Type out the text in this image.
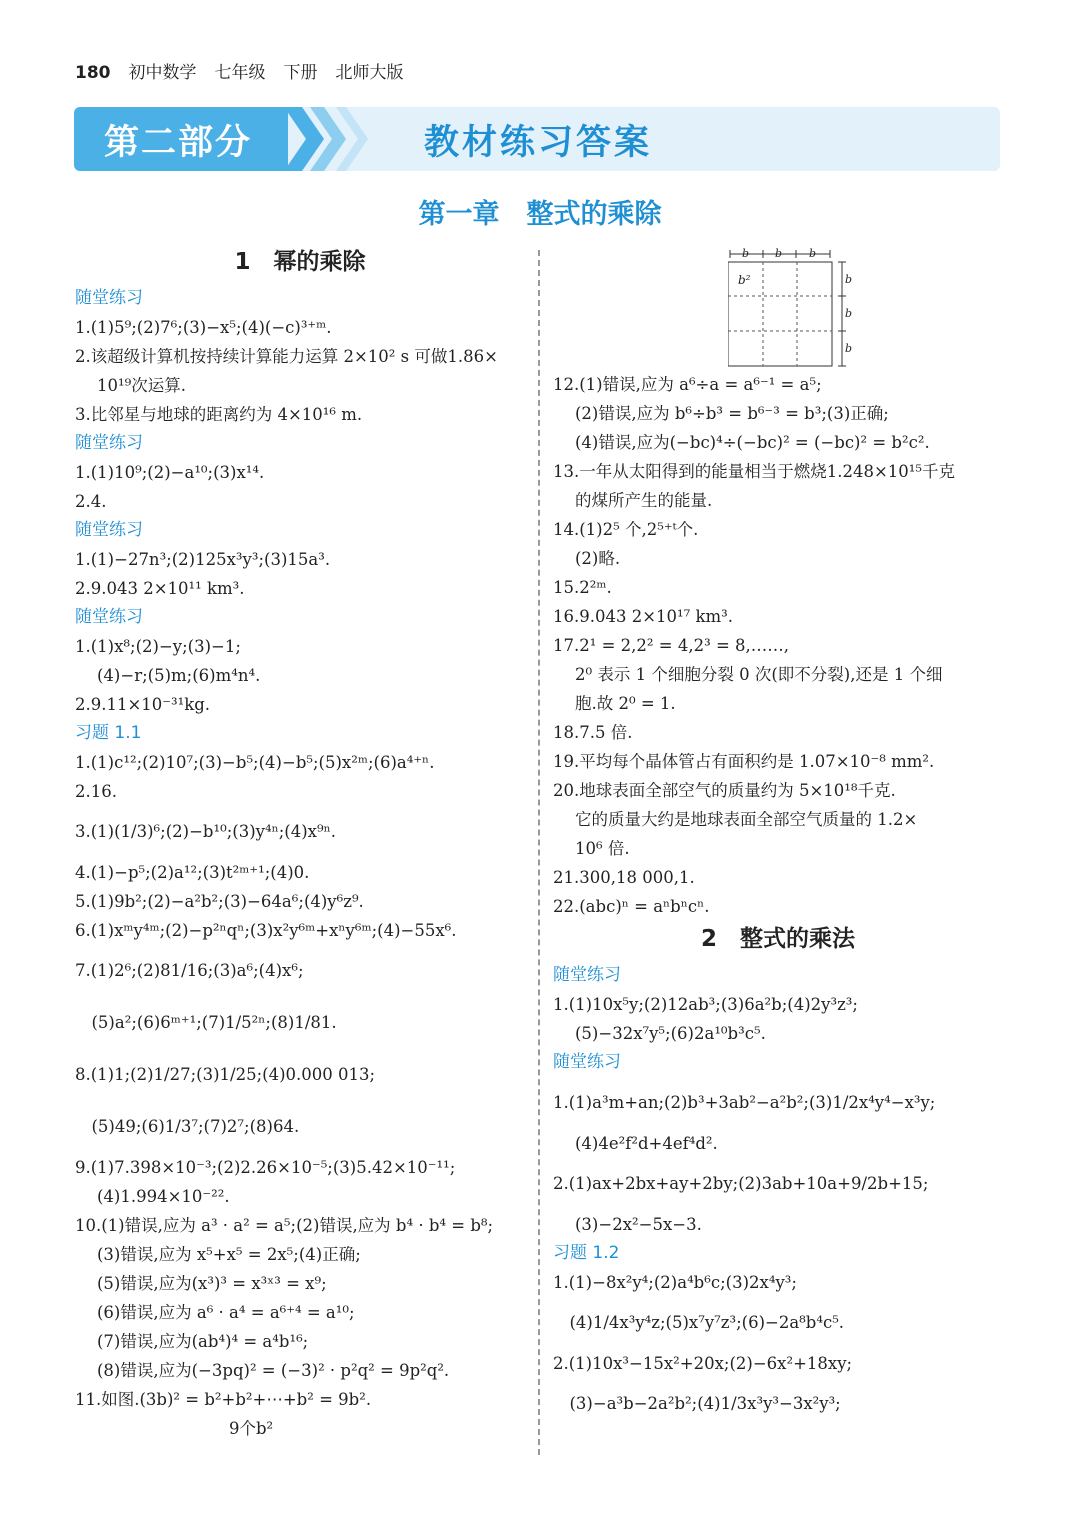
180 初中数学 七年级 下册 北师大版
第二部分	教材练习答案
第一章　整式的乘除
1　幂的乘除
随堂练习
1.(1)5⁹;(2)7⁶;(3)−x⁵;(4)(−c)³⁺ᵐ.
2.该超级计算机按持续计算能力运算 2×10² s 可做1.86×
10¹⁹次运算.
3.比邻星与地球的距离约为 4×10¹⁶ m.
随堂练习
1.(1)10⁹;(2)−a¹⁰;(3)x¹⁴.
2.4.
随堂练习
1.(1)−27n³;(2)125x³y³;(3)15a³.
2.9.043 2×10¹¹ km³.
随堂练习
1.(1)x⁸;(2)−y;(3)−1;
(4)−r;(5)m;(6)m⁴n⁴.
2.9.11×10⁻³¹kg.
习题 1.1
1.(1)c¹²;(2)10⁷;(3)−b⁵;(4)−b⁵;(5)x²ᵐ;(6)a⁴⁺ⁿ.
2.16.
3.(1)(1/3)⁶;(2)−b¹⁰;(3)y⁴ⁿ;(4)x⁹ⁿ.
4.(1)−p⁵;(2)a¹²;(3)t²ᵐ⁺¹;(4)0.
5.(1)9b²;(2)−a²b²;(3)−64a⁶;(4)y⁶z⁹.
6.(1)xᵐy⁴ᵐ;(2)−p²ⁿqⁿ;(3)x²y⁶ᵐ+xⁿy⁶ᵐ;(4)−55x⁶.
7.(1)2⁶;(2)81/16;(3)a⁶;(4)x⁶;
　(5)a²;(6)6ᵐ⁺¹;(7)1/5²ⁿ;(8)1/81.
8.(1)1;(2)1/27;(3)1/25;(4)0.000 013;
　(5)49;(6)1/3⁷;(7)2⁷;(8)64.
9.(1)7.398×10⁻³;(2)2.26×10⁻⁵;(3)5.42×10⁻¹¹;
(4)1.994×10⁻²².
10.(1)错误,应为 a³ · a² = a⁵;(2)错误,应为 b⁴ · b⁴ = b⁸;
(3)错误,应为 x⁵+x⁵ = 2x⁵;(4)正确;
(5)错误,应为(x³)³ = x³ˣ³ = x⁹;
(6)错误,应为 a⁶ · a⁴ = a⁶⁺⁴ = a¹⁰;
(7)错误,应为(ab⁴)⁴ = a⁴b¹⁶;
(8)错误,应为(−3pq)² = (−3)² · p²q² = 9p²q².
11.如图.(3b)² = b²+b²+⋯+b² = 9b².
　　　　　　　　9个b²
b b b
b
b
b
b²
12.(1)错误,应为 a⁶÷a = a⁶⁻¹ = a⁵;
(2)错误,应为 b⁶÷b³ = b⁶⁻³ = b³;(3)正确;
(4)错误,应为(−bc)⁴÷(−bc)² = (−bc)² = b²c².
13.一年从太阳得到的能量相当于燃烧1.248×10¹⁵千克
的煤所产生的能量.
14.(1)2⁵ 个,2⁵⁺ᵗ个.
(2)略.
15.2²ᵐ.
16.9.043 2×10¹⁷ km³.
17.2¹ = 2,2² = 4,2³ = 8,……,
2⁰ 表示 1 个细胞分裂 0 次(即不分裂),还是 1 个细
胞.故 2⁰ = 1.
18.7.5 倍.
19.平均每个晶体管占有面积约是 1.07×10⁻⁸ mm².
20.地球表面全部空气的质量约为 5×10¹⁸千克.
它的质量大约是地球表面全部空气质量的 1.2×
10⁶ 倍.
21.300,18 000,1.
22.(abc)ⁿ = aⁿbⁿcⁿ.
2　整式的乘法
随堂练习
1.(1)10x⁵y;(2)12ab³;(3)6a²b;(4)2y³z³;
(5)−32x⁷y⁵;(6)2a¹⁰b³c⁵.
随堂练习
1.(1)a³m+an;(2)b³+3ab²−a²b²;(3)1/2x⁴y⁴−x³y;
(4)4e²f²d+4ef⁴d².
2.(1)ax+2bx+ay+2by;(2)3ab+10a+9/2b+15;
(3)−2x²−5x−3.
习题 1.2
1.(1)−8x²y⁴;(2)a⁴b⁶c;(3)2x⁴y³;
　(4)1/4x³y⁴z;(5)x⁷y⁷z³;(6)−2a⁸b⁴c⁵.
2.(1)10x³−15x²+20x;(2)−6x²+18xy;
　(3)−a³b−2a²b²;(4)1/3x³y³−3x²y³;
